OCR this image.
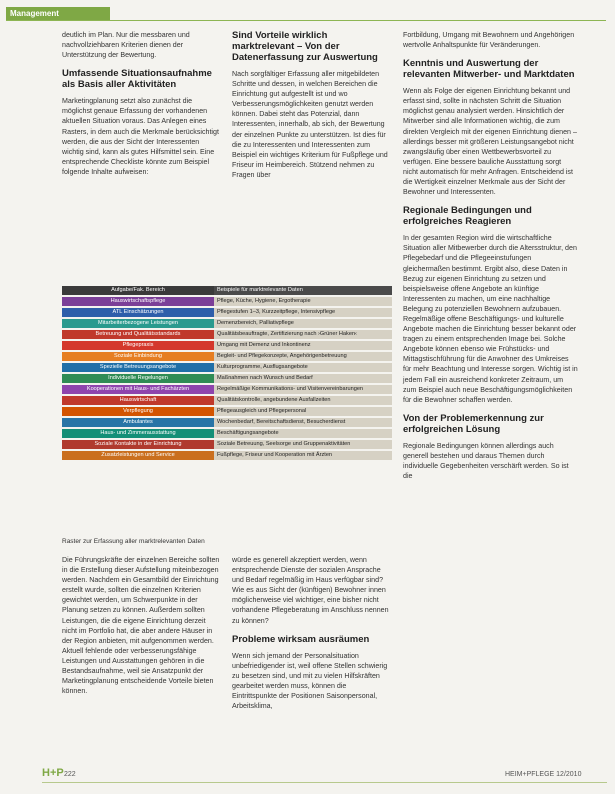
Management

deutlich im Plan. Nur die messbaren und nachvollziehbaren Kriterien dienen der Unterstützung der Bewertung.

Umfassende Situationsaufnahme als Basis aller Aktivitäten

Marketingplanung setzt also zunächst die möglichst genaue Erfassung der vorhandenen aktuellen Situation voraus. Das Anlegen eines Rasters, in dem auch die Merkmale berücksichtigt werden, die aus der Sicht der Interessenten wichtig sind, kann als gutes Hilfsmittel sein. Eine entsprechende Checkliste könnte zum Beispiel folgende Inhalte aufweisen:

Sind Vorteile wirklich marktrelevant – Von der Datenerfassung zur Auswertung

Nach sorgfältiger Erfassung aller mitgebildeten Schritte und dessen, in welchen Bereichen die Einrichtung gut aufgestellt ist und wo Verbesserungsmöglichkeiten genutzt werden können. Dabei steht das Potenzial, dann Interessenten, innerhalb, ab sich, der Bewertung der einzelnen Punkte zu unterstützen. Ist dies für die zu Interessenten und Interessenten zum Beispiel ein wichtiges Kriterium für Fußpflege und Friseur im Heimbereich. Stützend nehmen zu Fragen über

Aufgabe/Fak. Bereich	Beispiele für marktrelevante Daten
Hauswirtschaftspflege	Pflege, Küche, Hygiene, Ergotherapie
ATL Einschätzungen	Pflegestufen 1–3, Kurzzeitpflege, Intensivpflege
Mitarbeiterbezogene Leistungen	Demenzbereich, Palliativpflege
Betreuung und Qualitätsstandards	Qualitätsbeauftragte, Zertifizierung nach ›Grüner Haken‹
Pflegepraxis	Umgang mit Demenz und Inkontinenz
Soziale Einbindung	Begleit- und Pflegekonzepte, Angehörigenbetreuung
Spezielle Betreuungsangebote	Kulturprogramme, Ausflugsangebote
Individuelle Regelungen	Maßnahmen nach Wunsch und Bedarf
Kooperationen mit Haus- und Fachärzten	Regelmäßige Kommunikations- und Visitenvereinbarungen
Hauswirtschaft	Qualitätskontrolle, angebundene Ausfallzeiten
Verpflegung	Pflegeausgleich und Pflegepersonal
Ambulantes	Wochenbedarf, Bereitschaftsdienst, Besucherdienst
Haus- und Zimmerausstattung	Beschäftigungsangebote
Soziale Kontakte in der Einrichtung	Soziale Betreuung, Seelsorge und Gruppenaktivitäten
Zusatzleistungen und Service	Fußpflege, Friseur und Kooperation mit Ärzten
Raster zur Erfassung aller marktrelevanten Daten

Die Führungskräfte der einzelnen Bereiche sollten in die Erstellung dieser Aufstellung miteinbezogen werden. Nachdem ein Gesamtbild der Einrichtung erstellt wurde, sollten die einzelnen Kriterien gewichtet werden, um Schwerpunkte in der Planung setzen zu können. Außerdem sollten Leistungen, die die eigene Einrichtung derzeit nicht im Portfolio hat, die aber andere Häuser in der Region anbieten, mit aufgenommen werden. Aktuell fehlende oder verbesserungsfähige Leistungen und Ausstattungen gehören in die Bestandsaufnahme, weil sie Ansatzpunkt der Marketingplanung entscheidende Vorteile bieten können.

würde es generell akzeptiert werden, wenn entsprechende Dienste der sozialen Ansprache und Bedarf regelmäßig im Haus verfügbar sind? Wie es aus Sicht der (künftigen) Bewohner innen möglicherweise viel wichtiger, eine bisher nicht vorhandene Pflegeberatung im Anschluss nennen zu können?

Probleme wirksam ausräumen

Wenn sich jemand der Personalsituation unbefriedigender ist, weil offene Stellen schwierig zu besetzen sind, und mit zu vielen Hilfskräften gearbeitet werden muss, können die Eintrittspunkte der Positionen Saisonpersonal, Arbeitsklima,

Fortbildung, Umgang mit Bewohnern und Angehörigen wertvolle Anhaltspunkte für Veränderungen.

Kenntnis und Auswertung der relevanten Mitwerber- und Marktdaten

Wenn als Folge der eigenen Einrichtung bekannt und erfasst sind, sollte in nächsten Schritt die Situation möglichst genau analysiert werden. Hinsichtlich der Mitwerber sind alle Informationen wichtig, die zum direkten Vergleich mit der eigenen Einrichtung dienen – allerdings besser mit größeren Leistungsangebot nicht zwangsläufig über einen Wettbewerbsvorteil zu verfügen. Eine bessere bauliche Ausstattung sorgt nicht automatisch für mehr Anfragen. Entscheidend ist die Wertigkeit einzelner Merkmale aus der Sicht der Bewohner und Interessenten.

Regionale Bedingungen und erfolgreiches Reagieren

In der gesamten Region wird die wirtschaftliche Situation aller Mitbewerber durch die Altersstruktur, den Pflegebedarf und die Pflegeeinstufungen gleichermaßen bestimmt. Ergibt also, diese Daten in Bezug zur eigenen Einrichtung zu setzen und beispielsweise offene Angebote an künftige Interessenten zu machen, um eine nachhaltige Belegung zu potenziellen Bewohnern aufzubauen. Regelmäßige offene Beschäftigungs- und kulturelle Angebote machen die Einrichtung besser bekannt oder tragen zu einem entsprechenden Image bei. Solche Angebote können ebenso wie Frühstücks- und Mittagstischführung für die Anwohner des Umkreises für mehr Beachtung und Interesse sorgen. Wichtig ist in jedem Fall ein ausreichend konkreter Zeitraum, um zum Beispiel auch neue Beschäftigungsmöglichkeiten für die Bewohner schaffen werden.

Von der Problemerkennung zur erfolgreichen Lösung

Regionale Bedingungen können allerdings auch generell bestehen und daraus Themen durch individuelle Gegebenheiten verschärft werden. So ist die

H+P 222	HEIM+PFLEGE 12/2010
